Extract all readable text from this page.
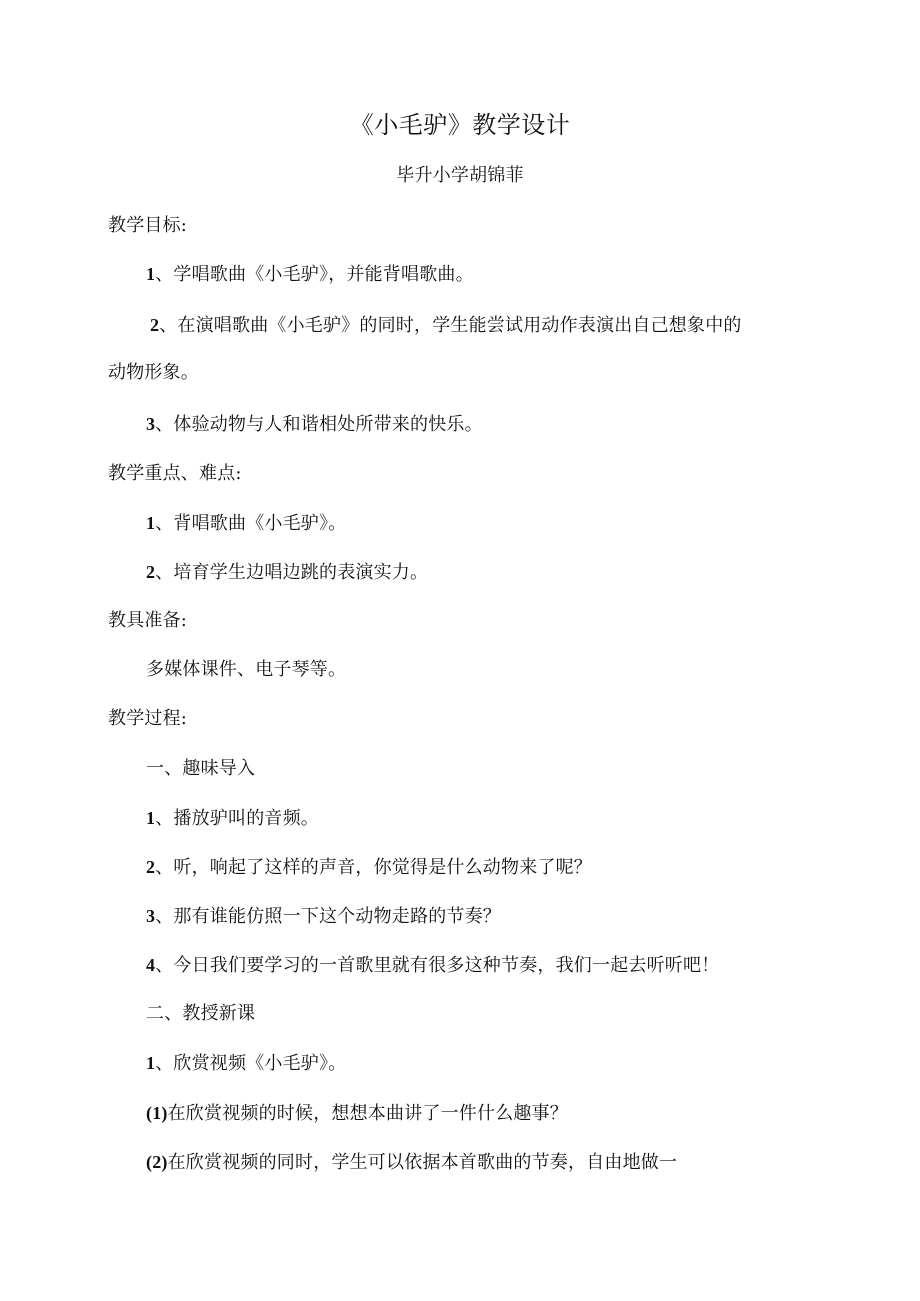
《小毛驴》教学设计
毕升小学胡锦菲
教学目标:
1、学唱歌曲《小毛驴》，并能背唱歌曲。
2、在演唱歌曲《小毛驴》的同时，学生能尝试用动作表演出自己想象中的
动物形象。
3、体验动物与人和谐相处所带来的快乐。
教学重点、难点:
1、背唱歌曲《小毛驴》。
2、培育学生边唱边跳的表演实力。
教具准备:
多媒体课件、电子琴等。
教学过程:
一、趣味导入
1、播放驴叫的音频。
2、听，响起了这样的声音，你觉得是什么动物来了呢？
3、那有谁能仿照一下这个动物走路的节奏？
4、今日我们要学习的一首歌里就有很多这种节奏，我们一起去听听吧！
二、教授新课
1、欣赏视频《小毛驴》。
(1)在欣赏视频的时候，想想本曲讲了一件什么趣事？
(2)在欣赏视频的同时，学生可以依据本首歌曲的节奏，自由地做一
